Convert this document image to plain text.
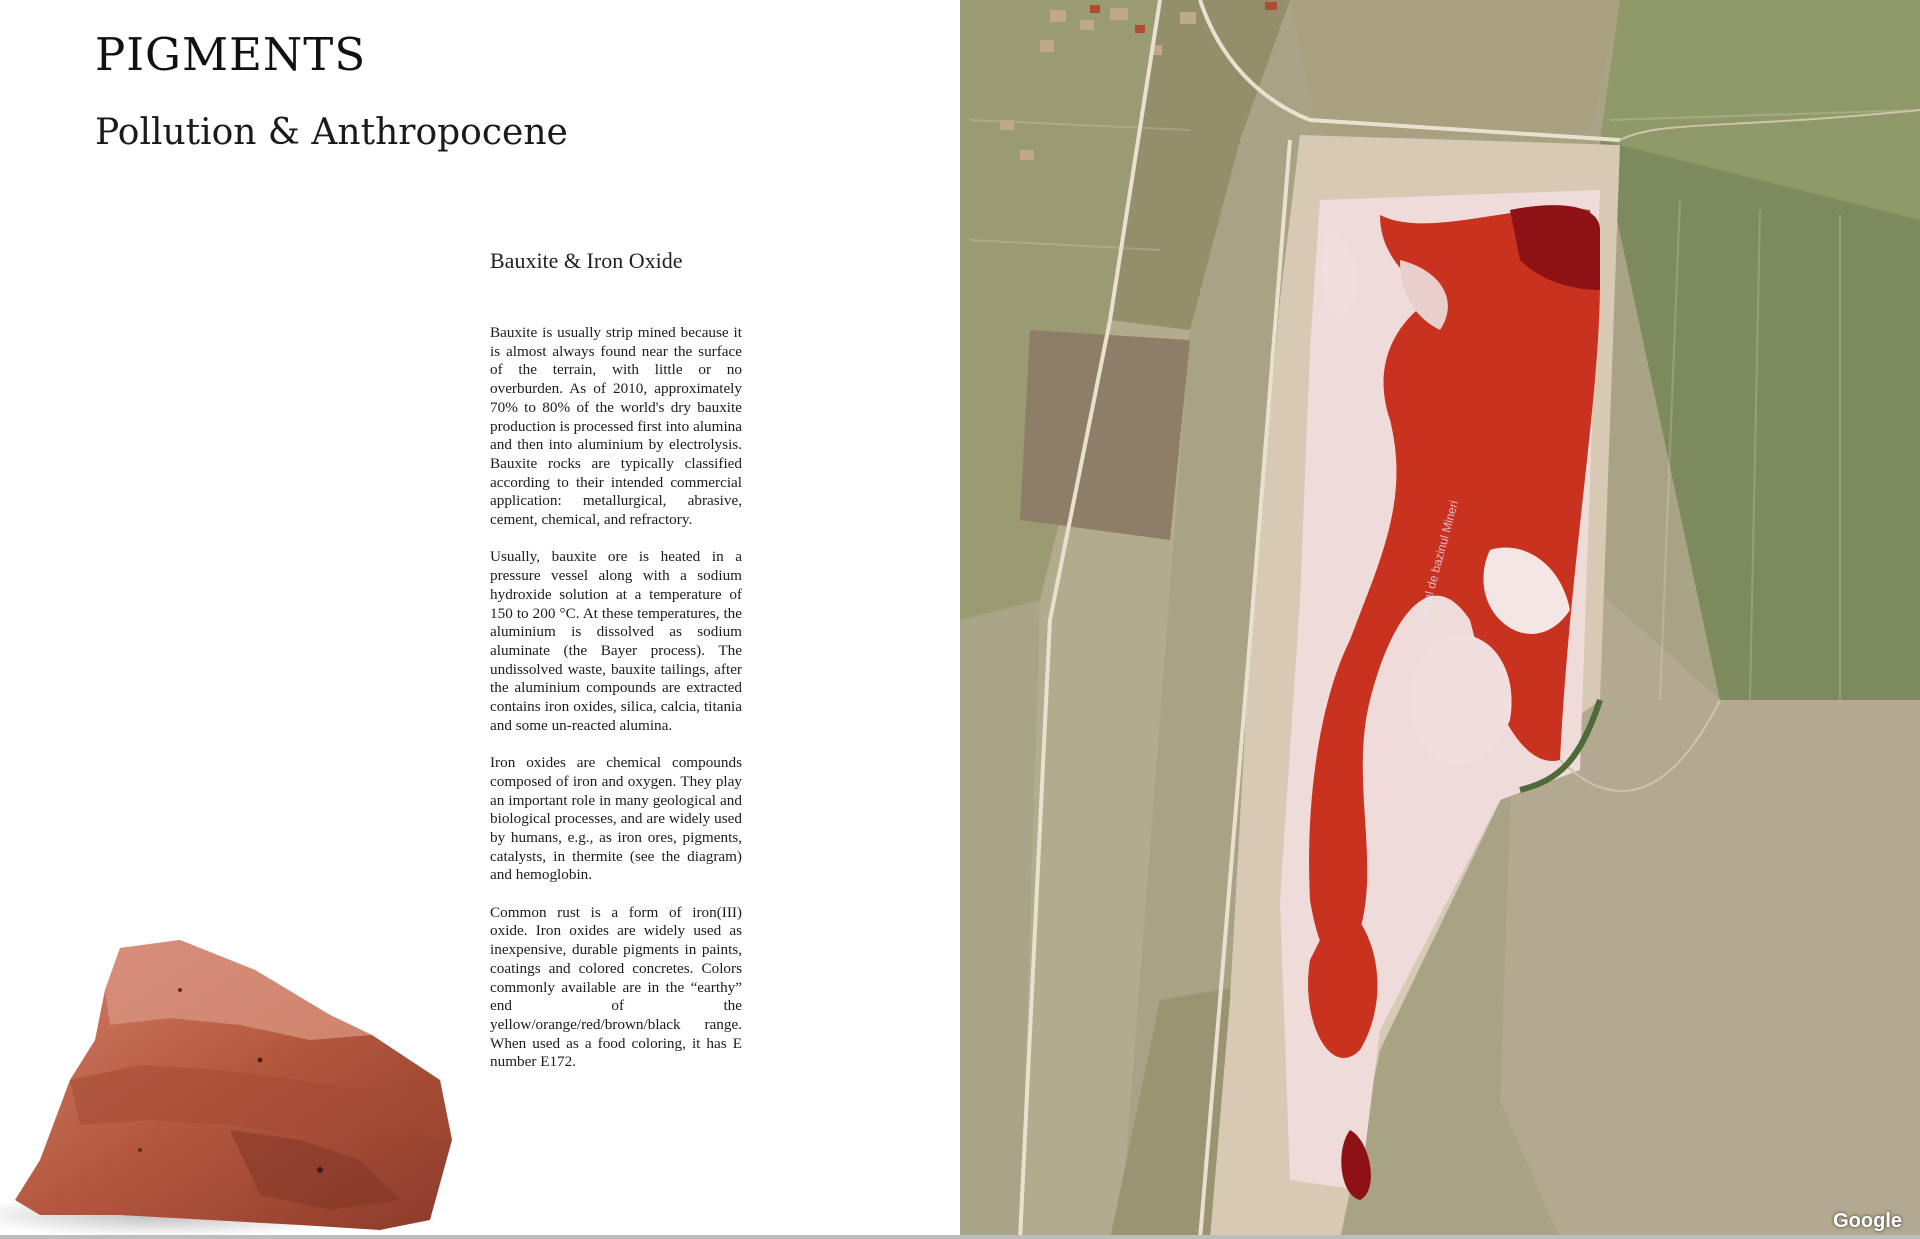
PIGMENTS
Pollution & Anthropocene
Bauxite & Iron Oxide

Bauxite is usually strip mined because it is almost always found near the surface of the terrain, with little or no overburden. As of 2010, approximately 70% to 80% of the world's dry bauxite production is processed first into alumina and then into aluminium by electrolysis. Bauxite rocks are typically classified according to their intended commercial application: metallurgical, abrasive, cement, chemical, and refractory.

Usually, bauxite ore is heated in a pressure vessel along with a sodium hydroxide solution at a temperature of 150 to 200 °C. At these temperatures, the aluminium is dissolved as sodium aluminate (the Bayer process). The undissolved waste, bauxite tailings, after the aluminium compounds are extracted contains iron oxides, silica, calcia, titania and some un-reacted alumina.

Iron oxides are chemical compounds composed of iron and oxygen. They play an important role in many geological and biological processes, and are widely used by humans, e.g., as iron ores, pigments, catalysts, in thermite (see the diagram) and hemoglobin.

Common rust is a form of iron(III) oxide. Iron oxides are widely used as inexpensive, durable pigments in paints, coatings and colored concretes. Colors commonly available are in the “earthy” end of the yellow/orange/red/brown/black range. When used as a food coloring, it has E number E172.

Google
Canal de bazinul Mineri
